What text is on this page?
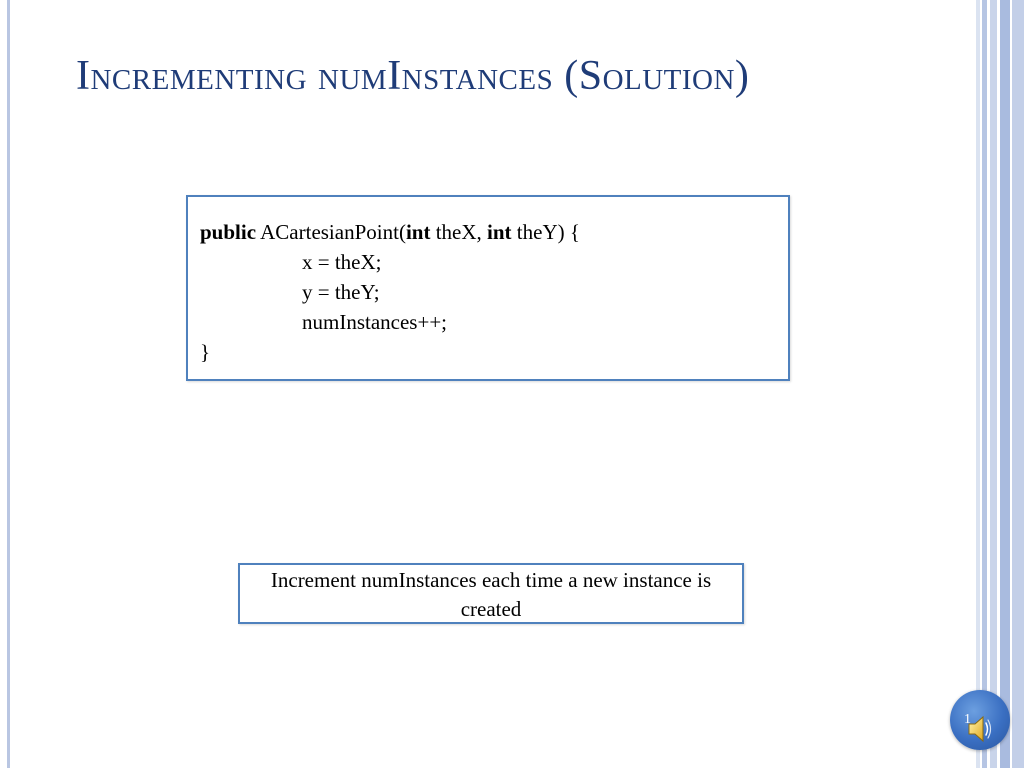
Incrementing numInstances (Solution)
public ACartesianPoint(int theX, int theY) {
x = theX;
y = theY;
numInstances++;
}
Increment numInstances each time a new instance is created
1
